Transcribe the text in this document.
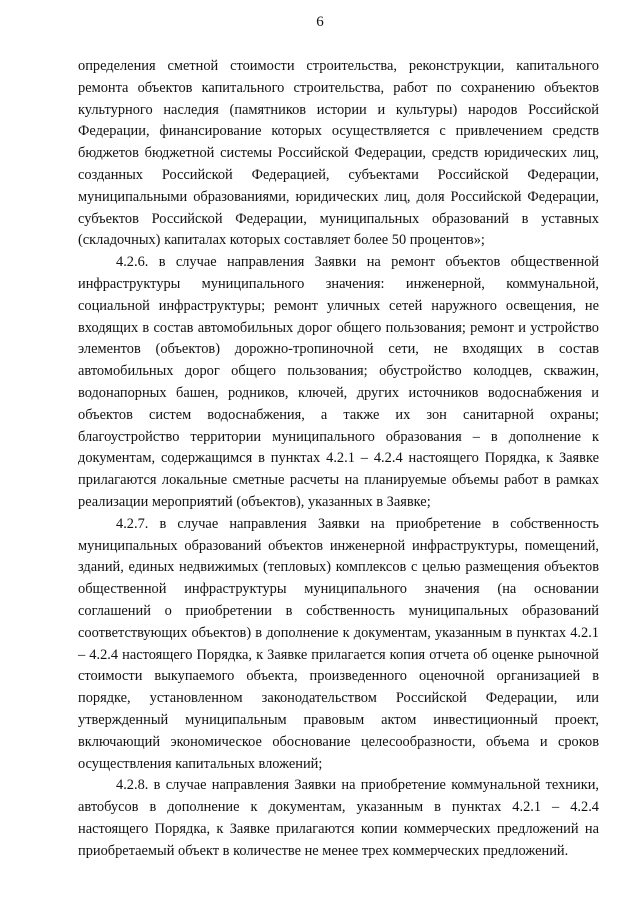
6

определения сметной стоимости строительства, реконструкции, капитального ремонта объектов капитального строительства, работ по сохранению объектов культурного наследия (памятников истории и культуры) народов Российской Федерации, финансирование которых осуществляется с привлечением средств бюджетов бюджетной системы Российской Федерации, средств юридических лиц, созданных Российской Федерацией, субъектами Российской Федерации, муниципальными образованиями, юридических лиц, доля Российской Федерации, субъектов Российской Федерации, муниципальных образований в уставных (складочных) капиталах которых составляет более 50 процентов»;

4.2.6. в случае направления Заявки на ремонт объектов общественной инфраструктуры муниципального значения: инженерной, коммунальной, социальной инфраструктуры; ремонт уличных сетей наружного освещения, не входящих в состав автомобильных дорог общего пользования; ремонт и устройство элементов (объектов) дорожно-тропиночной сети, не входящих в состав автомобильных дорог общего пользования; обустройство колодцев, скважин, водонапорных башен, родников, ключей, других источников водоснабжения и объектов систем водоснабжения, а также их зон санитарной охраны; благоустройство территории муниципального образования – в дополнение к документам, содержащимся в пунктах 4.2.1 – 4.2.4 настоящего Порядка, к Заявке прилагаются локальные сметные расчеты на планируемые объемы работ в рамках реализации мероприятий (объектов), указанных в Заявке;

4.2.7. в случае направления Заявки на приобретение в собственность муниципальных образований объектов инженерной инфраструктуры, помещений, зданий, единых недвижимых (тепловых) комплексов с целью размещения объектов общественной инфраструктуры муниципального значения (на основании соглашений о приобретении в собственность муниципальных образований соответствующих объектов) в дополнение к документам, указанным в пунктах 4.2.1 – 4.2.4 настоящего Порядка, к Заявке прилагается копия отчета об оценке рыночной стоимости выкупаемого объекта, произведенного оценочной организацией в порядке, установленном законодательством Российской Федерации, или утвержденный муниципальным правовым актом инвестиционный проект, включающий экономическое обоснование целесообразности, объема и сроков осуществления капитальных вложений;

4.2.8. в случае направления Заявки на приобретение коммунальной техники, автобусов в дополнение к документам, указанным в пунктах 4.2.1 – 4.2.4 настоящего Порядка, к Заявке прилагаются копии коммерческих предложений на приобретаемый объект в количестве не менее трех коммерческих предложений.
